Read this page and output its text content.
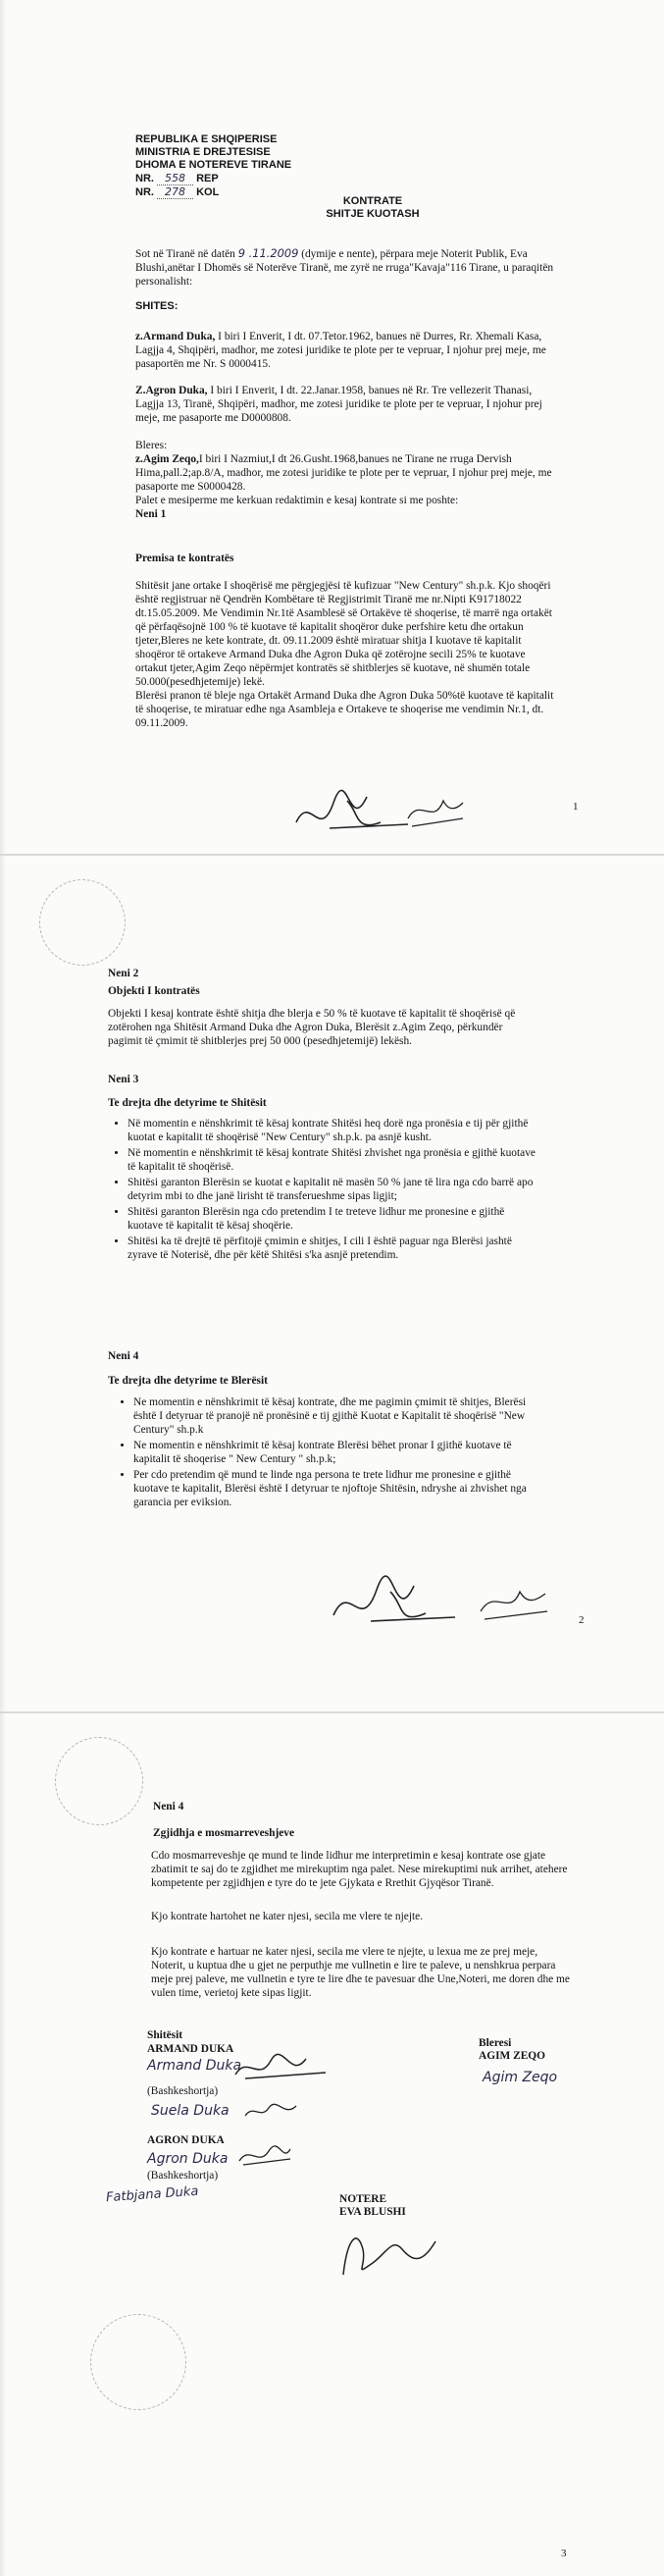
REPUBLIKA E SHQIPERISE
MINISTRIA E DREJTESISE
DHOMA E NOTEREVE TIRANE
NR. 558 REP
NR. 278 KOL
KONTRATE
SHITJE KUOTASH
Sot në Tiranë në datën 9 .11.2009 (dymije e nente), përpara meje Noterit Publik, Eva Blushi,anëtar I Dhomës së Noterëve Tiranë, me zyrë ne rruga"Kavaja"116 Tirane, u paraqitën personalisht:
SHITES:
z.Armand Duka, I biri I Enverit, I dt. 07.Tetor.1962, banues në Durres, Rr. Xhemali Kasa, Lagjja 4, Shqipëri, madhor, me zotesi juridike te plote per te vepruar, I njohur prej meje, me pasaportën me Nr. S 0000415.
Z.Agron Duka, I biri I Enverit, I dt. 22.Janar.1958, banues në Rr. Tre vellezerit Thanasi, Lagjja 13, Tiranë, Shqipëri, madhor, me zotesi juridike te plote per te vepruar, I njohur prej meje, me pasaporte me D0000808.
Bleres:
z.Agim Zeqo,I biri I Nazmiut,I dt 26.Gusht.1968,banues ne Tirane ne rruga Dervish Hima,pall.2;ap.8/A, madhor, me zotesi juridike te plote per te vepruar, I njohur prej meje, me pasaporte me S0000428.
Palet e mesiperme me kerkuan redaktimin e kesaj kontrate si me poshte:
Neni 1
Premisa te kontratës
Shitësit jane ortake I shoqërisë me përgjegjësi të kufizuar "New Century" sh.p.k. Kjo shoqëri është regjistruar në Qendrën Kombëtare të Regjistrimit Tiranë me nr.Nipti K91718022 dt.15.05.2009. Me Vendimin Nr.1të Asamblesë së Ortakëve të shoqerise, të marrë nga ortakët që përfaqësojnë 100 % të kuotave të kapitalit shoqëror duke perfshire ketu dhe ortakun tjeter,Bleres ne kete kontrate, dt. 09.11.2009 është miratuar shitja I kuotave të kapitalit shoqëror të ortakeve Armand Duka dhe Agron Duka që zotërojne secili 25% te kuotave ortakut tjeter,Agim Zeqo nëpërmjet kontratës së shitblerjes së kuotave, në shumën totale 50.000(pesedhjetemije) lekë.
Blerësi pranon të bleje nga Ortakët Armand Duka dhe Agron Duka 50%të kuotave të kapitalit të shoqerise, te miratuar edhe nga Asambleja e Ortakeve te shoqerise me vendimin Nr.1, dt. 09.11.2009.
1
Neni 2
Objekti I kontratës
Objekti I kesaj kontrate është shitja dhe blerja e 50 % të kuotave të kapitalit të shoqërisë që zotërohen nga Shitësit Armand Duka dhe Agron Duka, Blerësit z.Agim Zeqo, përkundër pagimit të çmimit të shitblerjes prej 50 000 (pesedhjetemijë) lekësh.
Neni 3
Te drejta dhe detyrime te Shitësit
• Në momentin e nënshkrimit të kësaj kontrate Shitësi heq dorë nga pronësia e tij për gjithë kuotat e kapitalit të shoqërisë "New Century" sh.p.k. pa asnjë kusht.
• Në momentin e nënshkrimit të kësaj kontrate Shitësi zhvishet nga pronësia e gjithë kuotave të kapitalit të shoqërisë.
• Shitësi garanton Blerësin se kuotat e kapitalit në masën 50 % jane të lira nga cdo barrë apo detyrim mbi to dhe janë lirisht të transferueshme sipas ligjit;
• Shitësi garanton Blerësin nga cdo pretendim I te treteve lidhur me pronesine e gjithë kuotave të kapitalit të kësaj shoqërie.
• Shitësi ka të drejtë të përfitojë çmimin e shitjes, I cili I është paguar nga Blerësi jashtë zyrave të Noterisë, dhe për këtë Shitësi s'ka asnjë pretendim.
Neni 4
Te drejta dhe detyrime te Blerësit
• Ne momentin e nënshkrimit të kësaj kontrate, dhe me pagimin çmimit të shitjes, Blerësi është I detyruar të pranojë në pronësinë e tij gjithë Kuotat e Kapitalit të shoqërisë "New Century" sh.p.k
• Ne momentin e nënshkrimit të kësaj kontrate Blerësi bëhet pronar I gjithë kuotave të kapitalit të shoqerise " New Century " sh.p.k;
• Per cdo pretendim që mund te linde nga persona te trete lidhur me pronesine e gjithë kuotave te kapitalit, Blerësi është I detyruar te njoftoje Shitësin, ndryshe ai zhvishet nga garancia per eviksion.
2
Neni 4
Zgjidhja e mosmarreveshjeve
Cdo mosmarreveshje qe mund te linde lidhur me interpretimin e kesaj kontrate ose gjate zbatimit te saj do te zgjidhet me mirekuptim nga palet. Nese mirekuptimi nuk arrihet, atehere kompetente per zgjidhjen e tyre do te jete Gjykata e Rrethit Gjyqësor Tiranë.
Kjo kontrate hartohet ne kater njesi, secila me vlere te njejte.
Kjo kontrate e hartuar ne kater njesi, secila me vlere te njejte, u lexua me ze prej meje, Noterit, u kuptua dhe u gjet ne perputhje me vullnetin e lire te paleve, u nenshkrua perpara meje prej paleve, me vullnetin e tyre te lire dhe te pavesuar dhe Une,Noteri, me doren dhe me vulen time, verietoj kete sipas ligjit.
Shitësit
ARMAND DUKA
Armand Duka
(Bashkeshortja)
Suela Duka
AGRON DUKA
Agron Duka
(Bashkeshortja)
Fatbjana Duka
Bleresi
AGIM ZEQO
Agim Zeqo
NOTERE
EVA BLUSHI
3
